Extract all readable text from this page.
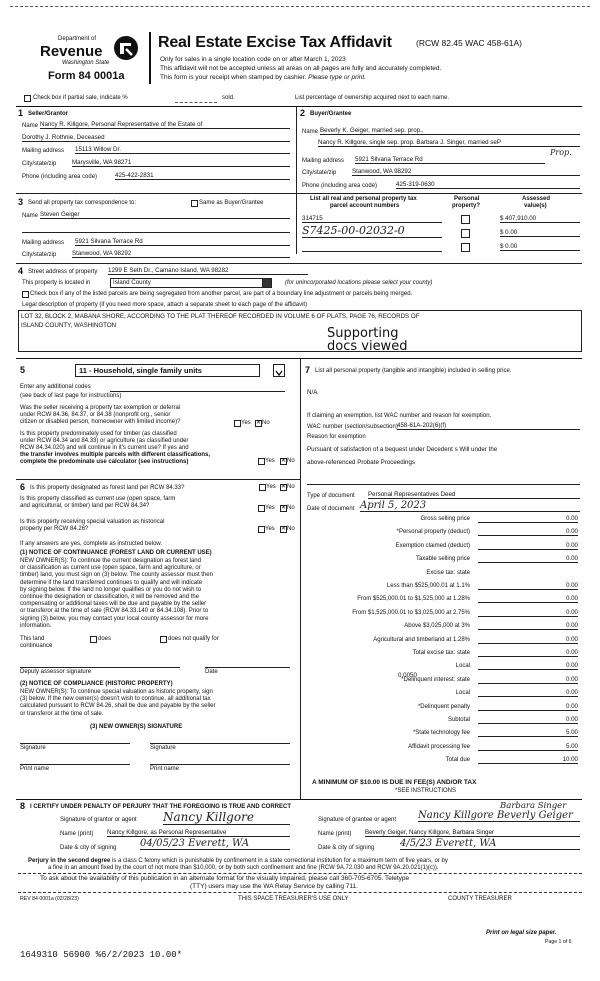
Department of
Revenue
Washington State
Form 84 0001a
Real Estate Excise Tax Affidavit	(RCW 82.45 WAC 458-61A)
Only for sales in a single location code on or after March 1, 2023
This affidavit will not be accepted unless all areas on all pages are fully and accurately completed.
This form is your receipt when stamped by cashier. Please type or print.
Check box if partial sale, indicate %	sold.	List percentage of ownership acquired next to each name.
1 Seller/Grantor
Name Nancy R. Killgore, Personal Representative of the Estate of
Dorothy J. Rothnie, Deceased
Mailing address 15113 Willow Dr.
City/state/zip	Marysville, WA 98271
Phone (including area code)	425-422-2831
2 Buyer/Grantee
Name Beverly K. Geiger, married sep. prop.,
Nancy R. Killgore, single sep. prop. Barbara J. Singer, married seP
Prop.
Mailing address 5921 Silvana Terrace Rd
City/state/zip	Stanwood, WA 98292
Phone (including area code)	425-319-0630
3 Send all property tax correspondence to:	Same as Buyer/Grantee
Name Steven Geiger
Mailing address 5921 Silvana Terrace Rd
City/state/zip	Stanwood, WA 98292
List all real and personal property tax
parcel account numbers
Personal
property?
Assessed
value(s)
314715	$ 407,910.00
S7425-00-02032-0	$ 0.00
$ 0.00
4 Street address of property 1299 E Seth Dr., Camano Island, WA 98282
This property is located in	Island County	(for unincorporated locations please select your county)
Check box if any of the listed parcels are being segregated from another parcel, are part of a boundary line adjustment or parcels being merged.
Legal description of property (if you need more space, attach a separate sheet to each page of the affidavit)
LOT 32, BLOCK 2, MABANA SHORE, ACCORDING TO THE PLAT THEREOF RECORDED IN VOLUME 6 OF PLATS, PAGE 76, RECORDS OF
ISLAND COUNTY, WASHINGTON
Supporting
docs viewed
5	11 - Household, single family units
Enter any additional codes
(see back of last page for instructions)
Was the seller receiving a property tax exemption or deferral
under RCW 84.36, 84.37, or 84.38 (nonprofit org., senior
citizen or disabled person, homeowner with limited income)?	Yes ✕ No
Is this property predominately used for timber (as classified
under RCW 84.34 and 84.33) or agriculture (as classified under
RCW 84.34.020) and will continue in it's current use? If yes and
the transfer involves multiple parcels with different classifications,
complete the predominate use calculator (see instructions)	Yes ✕ No
6 Is this property designated as forest land per RCW 84.33?	Yes ✕ No
Is this property classified as current use (open space, farm
and agricultural, or timber) land per RCW 84.34?	Yes ✕ No
Is this property receiving special valuation as historical
property per RCW 84.26?	Yes ✕ No
If any answers are yes, complete as instructed below.
(1) NOTICE OF CONTINUANCE (FOREST LAND OR CURRENT USE)
NEW OWNER(S): To continue the current designation as forest land
or classification as current use (open space, farm and agriculture, or
timber) land, you must sign on (3) below. The county assessor must then
determine if the land transferred continues to qualify and will indicate
by signing below. If the land no longer qualifies or you do not wish to
continue the designation or classification, it will be removed and the
compensating or additional taxes will be due and payable by the seller
or transferor at the time of sale (RCW 84.33.140 or 84.34.108). Prior to
signing (3) below, you may contact your local county assessor for more
information.
This land	does	does not qualify for
continuance
Deputy assessor signature	Date
(2) NOTICE OF COMPLIANCE (HISTORIC PROPERTY)
NEW OWNER(S): To continue special valuation as historic property, sign
(3) below. If the new owner(s) doesn't wish to continue, all additional tax
calculated pursuant to RCW 84.26, shall be due and payable by the seller
or transferor at the time of sale.
(3) NEW OWNER(S) SIGNATURE
Signature	Signature
Print name	Print name
7 List all personal property (tangible and intangible) included in selling price.
N/A
If claiming an exemption, list WAC number and reason for exemption.
WAC number (section/subsection) 458-61A-202(6)(f)
Reason for exemption
Pursuant of satisfaction of a bequest under Decedent s Will under the
above-referenced Probate Proceedings
Type of document Personal Representatives Deed
Date of document April 5, 2023
Gross selling price	0.00
*Personal property (deduct)	0.00
Exemption claimed (deduct)	0.00
Taxable selling price	0.00
Excise tax: state
Less than $525,000.01 at 1.1%	0.00
From $525,000.01 to $1,525,000 at 1.28%	0.00
From $1,525,000.01 to $3,025,000 at 2.75%	0.00
Above $3,025,000 at 3%	0.00
Agricultural and timberland at 1.28%	0.00
Total excise tax: state	0.00
Local	0.00
*Delinquent interest: state	0.00
Local	0.00
*Delinquent penalty	0.00
Subtotal	0.00
*State technology fee	5.00
Affidavit processing fee	5.00
Total due	10.00
0.0050
A MINIMUM OF $10.00 IS DUE IN FEE(S) AND/OR TAX
*SEE INSTRUCTIONS
8 I CERTIFY UNDER PENALTY OF PERJURY THAT THE FOREGOING IS TRUE AND CORRECT	Barbara Singer
Signature of grantor or agent Nancy Killgore
Name (print) Nancy Killgore, as Personal Representative
Date & city of signing 04/05/23 Everett, WA
Signature of grantee or agent Nancy Killgore Beverly Geiger
Name (print) Beverly Geiger, Nancy Killgore, Barbara Singer
Date & city of signing	4/5/23 Everett, WA
Perjury in the second degree is a class C felony which is punishable by confinement in a state correctional institution for a maximum term of five years, or by
a fine in an amount fixed by the court of not more than $10,000, or by both such confinement and fine (RCW 9A.72.030 and RCW 9A.20.021(1)(c)).
To ask about the availability of this publication in an alternate format for the visually impaired, please call 360-705-6705. Teletype
(TTY) users may use the WA Relay Service by calling 711.
REV 84 0001a (02/28/23)	THIS SPACE TREASURER'S USE ONLY	COUNTY TREASURER
Print on legal size paper.
Page 1 of 6
1649310 56900 %6/2/2023 10.00*
